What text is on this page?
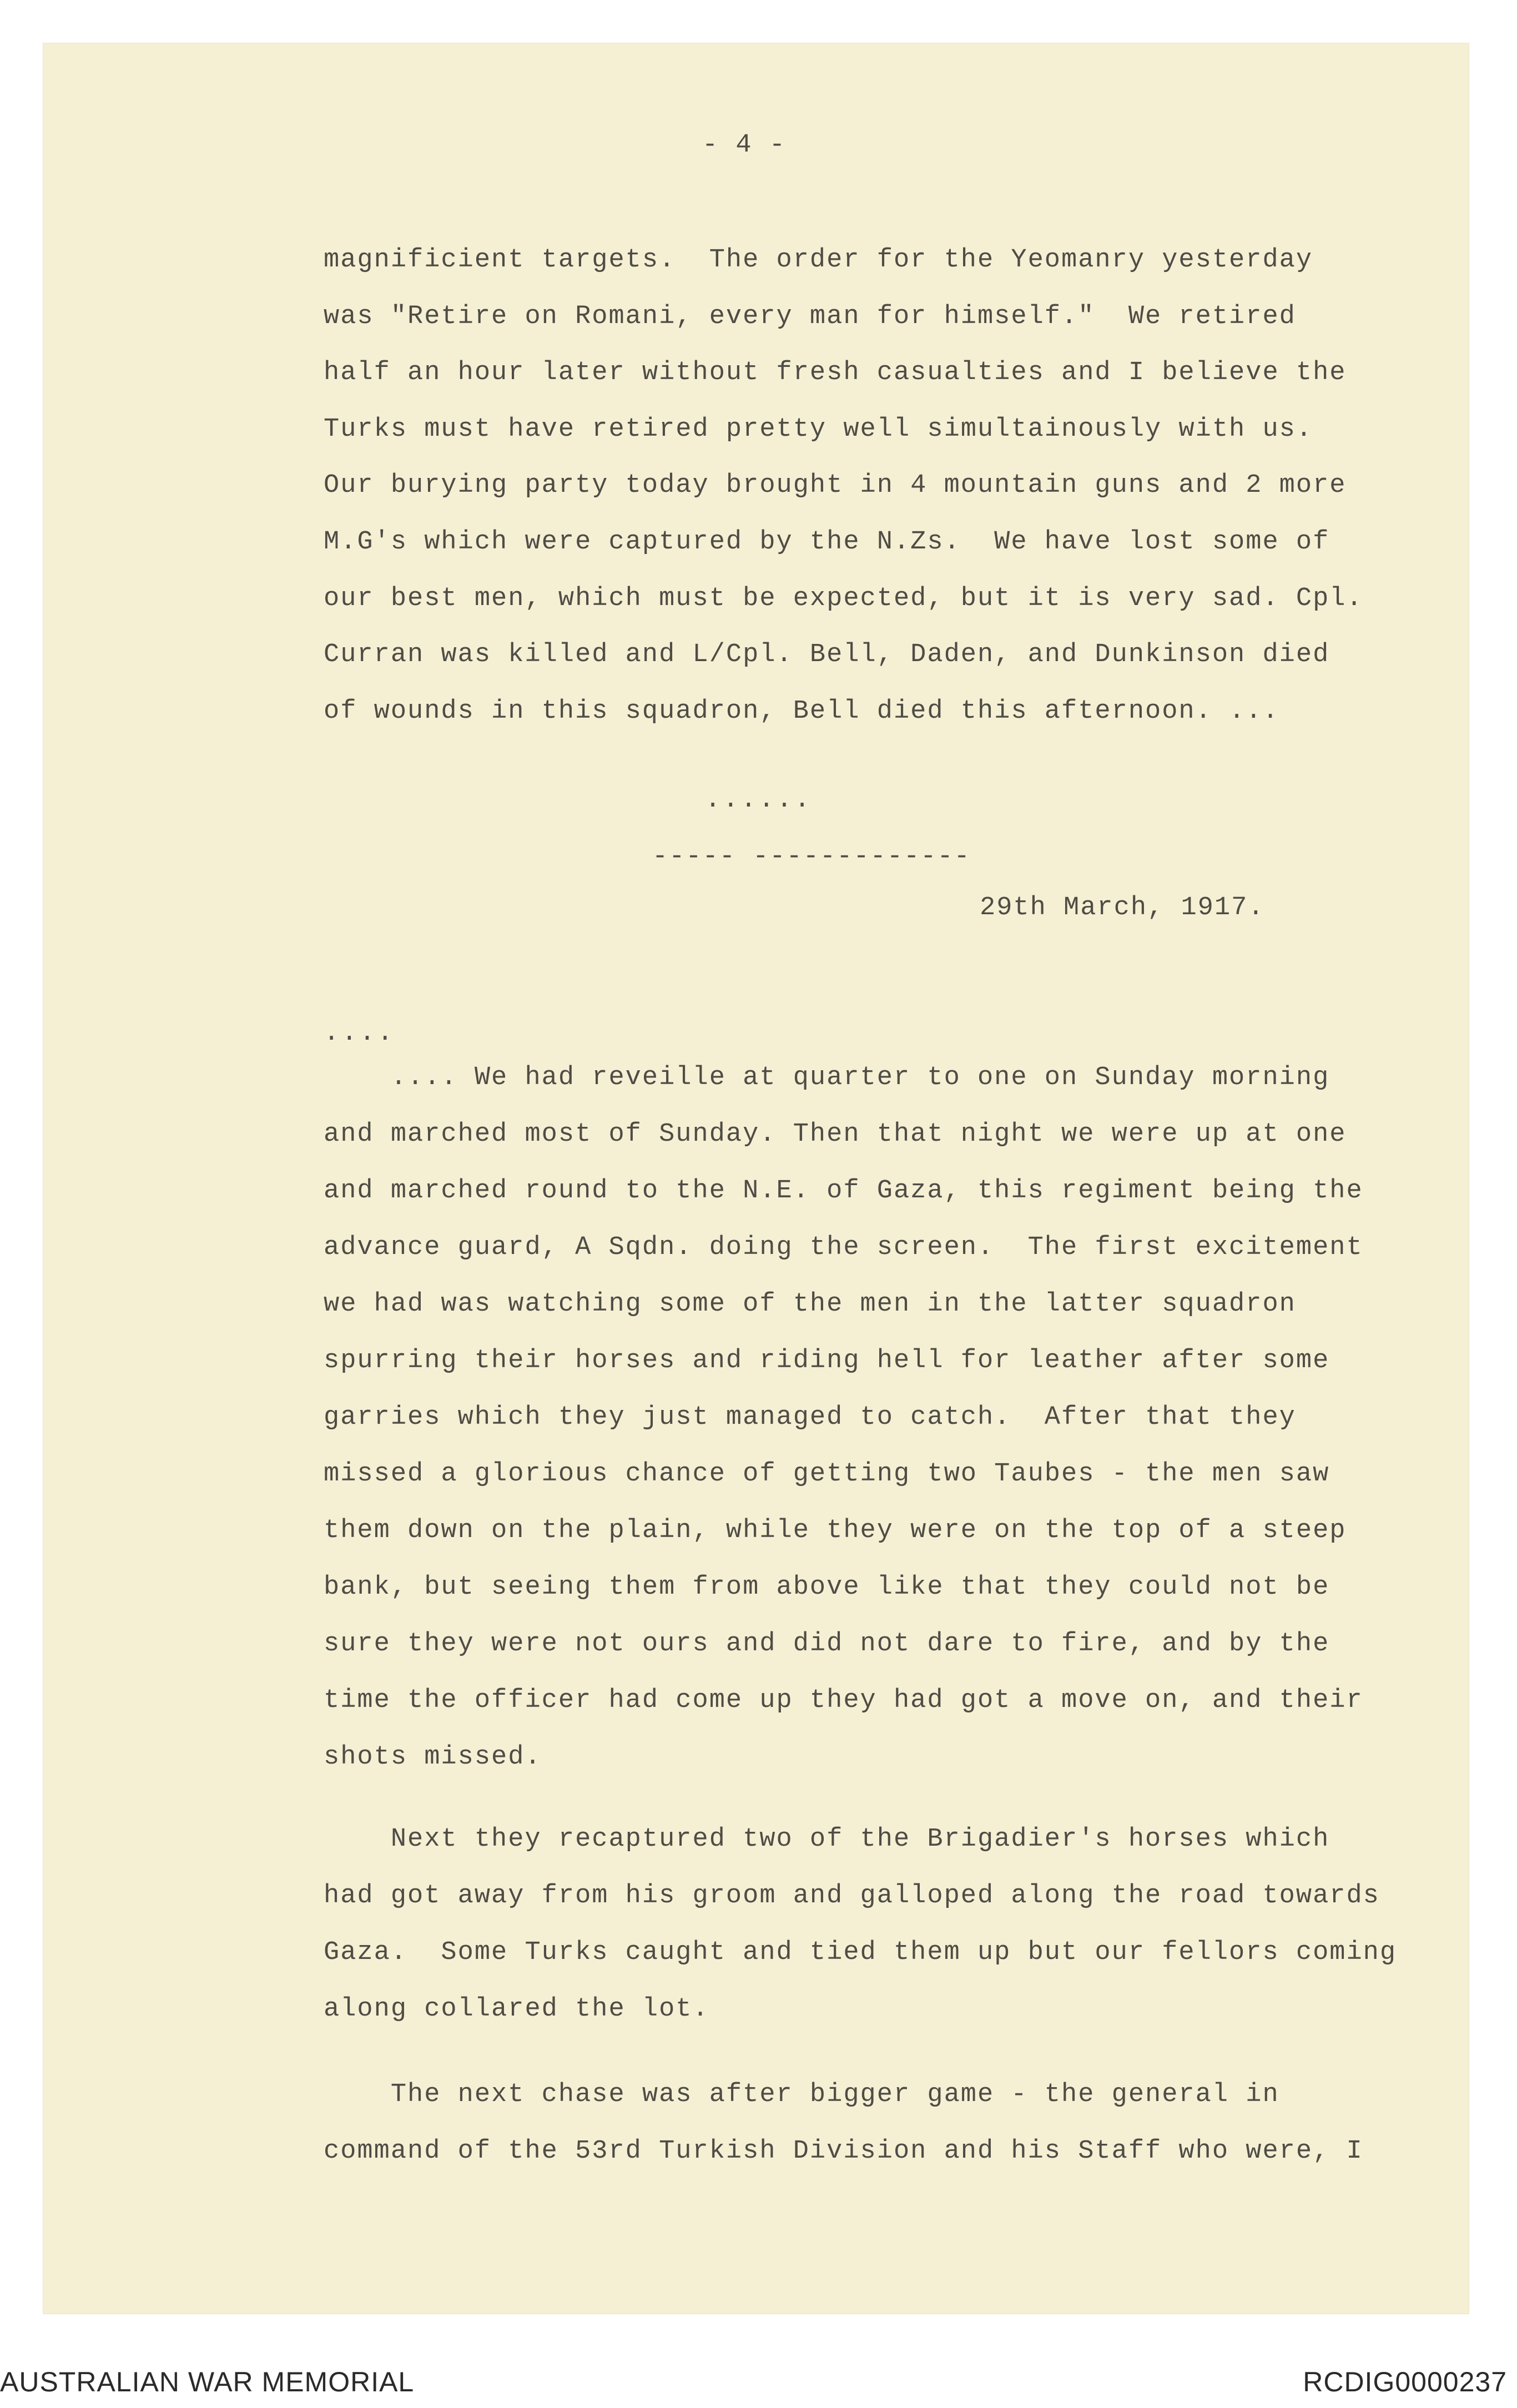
- 4 -
magnificient targets.  The order for the Yeomanry yesterday
was "Retire on Romani, every man for himself."  We retired
half an hour later without fresh casualties and I believe the
Turks must have retired pretty well simultainously with us.
Our burying party today brought in 4 mountain guns and 2 more
M.G's which were captured by the N.Zs.  We have lost some of
our best men, which must be expected, but it is very sad. Cpl.
Curran was killed and L/Cpl. Bell, Daden, and Dunkinson died
of wounds in this squadron, Bell died this afternoon. ...
......
----- -------------
29th March, 1917.
....
.... We had reveille at quarter to one on Sunday morning
and marched most of Sunday. Then that night we were up at one
and marched round to the N.E. of Gaza, this regiment being the
advance guard, A Sqdn. doing the screen.  The first excitement
we had was watching some of the men in the latter squadron
spurring their horses and riding hell for leather after some
garries which they just managed to catch.  After that they
missed a glorious chance of getting two Taubes - the men saw
them down on the plain, while they were on the top of a steep
bank, but seeing them from above like that they could not be
sure they were not ours and did not dare to fire, and by the
time the officer had come up they had got a move on, and their
shots missed.
Next they recaptured two of the Brigadier's horses which
had got away from his groom and galloped along the road towards
Gaza.  Some Turks caught and tied them up but our fellors coming
along collared the lot.
The next chase was after bigger game - the general in
command of the 53rd Turkish Division and his Staff who were, I
AUSTRALIAN WAR MEMORIAL	RCDIG0000237
